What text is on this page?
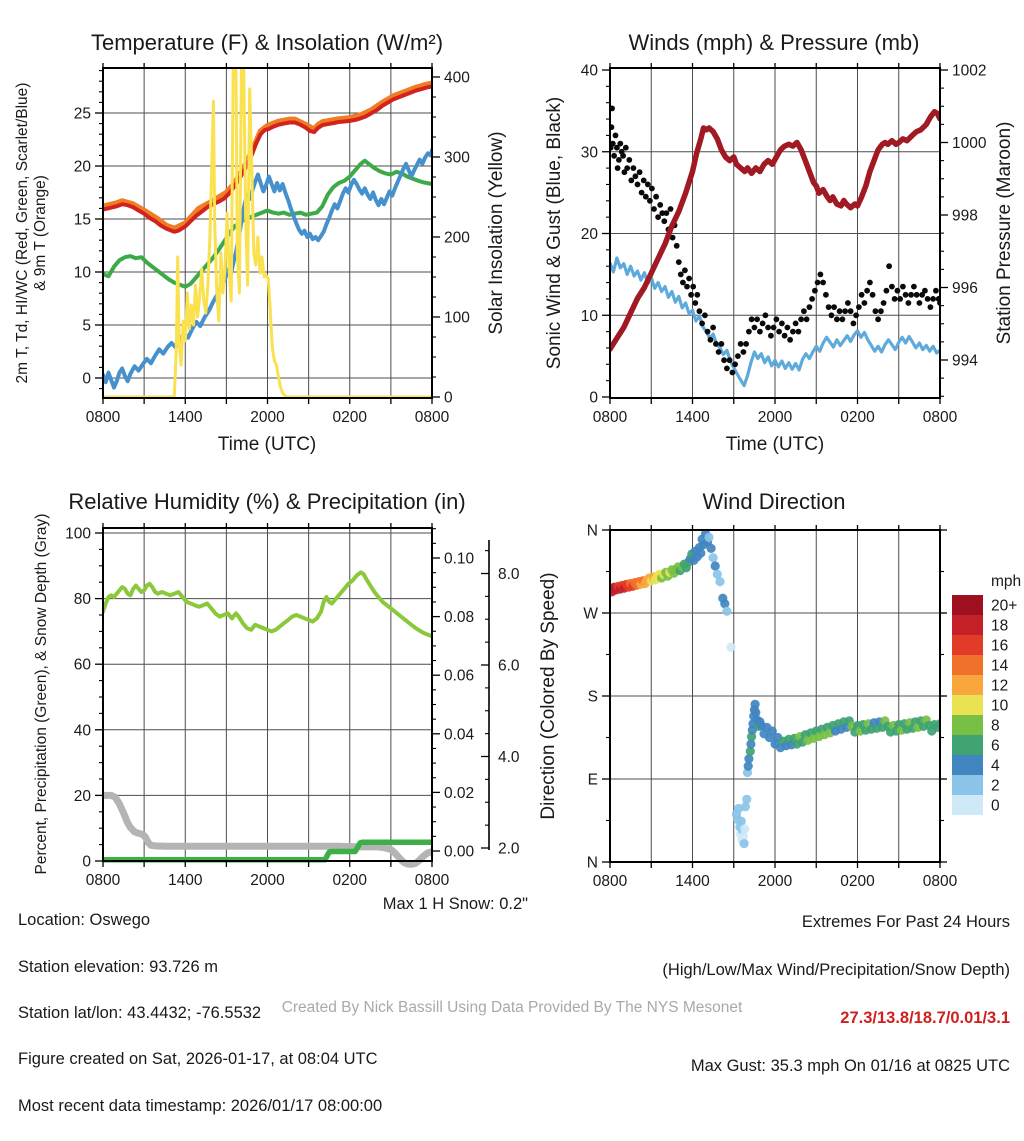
0800	1400	2000	0200	0800
0
5
10
15
20
25
0
100
200
300
400
0800	1400	2000	0200	0800
0
10
20
30
40
994
996
998
1000
1002
0800	1400	2000	0200	0800
0
20
40
60
80
100
0.00
0.02
0.04
0.06
0.08
0.10
2.0
4.0
6.0
8.0
0800	1400	2000	0200	0800
N
E
S
W
N
mph
20+
18
16
14
12
10
8
6
4
2
0
Temperature (F) & Insolation (W/m²)	Winds (mph) & Pressure (mb)
Relative Humidity (%) & Precipitation (in)	Wind Direction
Time (UTC)	Time (UTC)
2m T, Td, HI/WC (Red, Green, Scarlet/Blue) & 9m T (Orange)	Solar Insolation (Yellow) Sonic Wind & Gust (Blue, Black)	Station Pressure (Maroon)
Percent, Precipitation (Green), & Snow Depth (Gray)	Direction (Colored By Speed)

Location: Oswego

Station elevation: 93.726 m

Station lat/lon: 43.4432; -76.5532

Figure created on Sat, 2026-01-17, at 08:04 UTC

Most recent data timestamp: 2026/01/17 08:00:00

Max 1 H Snow: 0.2"

Extremes For Past 24 Hours

(High/Low/Max Wind/Precipitation/Snow Depth)

27.3/13.8/18.7/0.01/3.1

Max Gust: 35.3 mph On 01/16 at 0825 UTC

Created By Nick Bassill Using Data Provided By The NYS Mesonet
